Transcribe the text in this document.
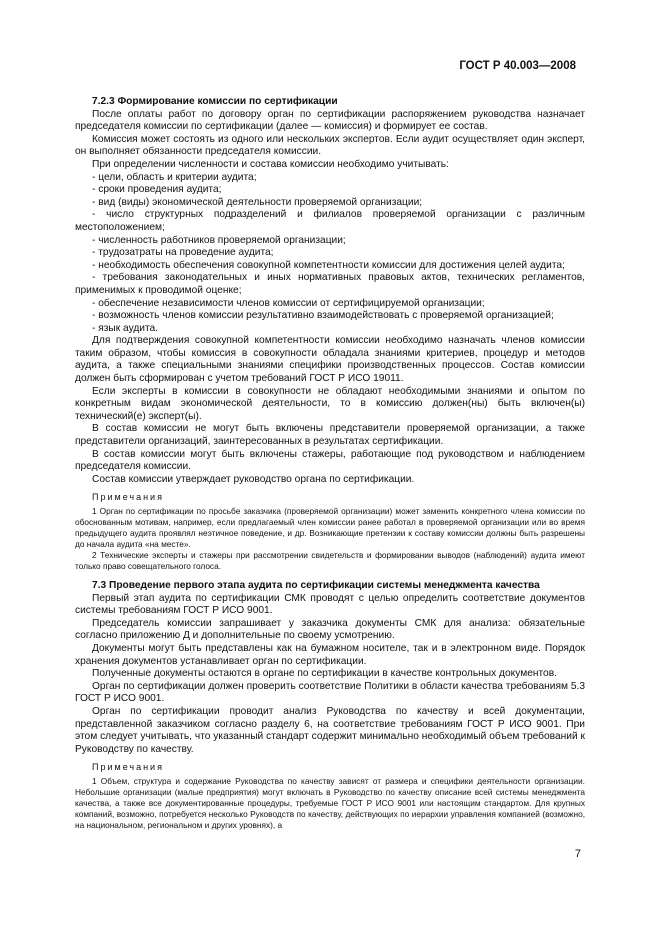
ГОСТ Р 40.003—2008

7.2.3 Формирование комиссии по сертификации

После оплаты работ по договору орган по сертификации распоряжением руководства назначает председателя комиссии по сертификации (далее — комиссия) и формирует ее состав.

Комиссия может состоять из одного или нескольких экспертов. Если аудит осуществляет один эксперт, он выполняет обязанности председателя комиссии.

При определении численности и состава комиссии необходимо учитывать:

- цели, область и критерии аудита;

- сроки проведения аудита;

- вид (виды) экономической деятельности проверяемой организации;

- число структурных подразделений и филиалов проверяемой организации с различным местоположением;

- численность работников проверяемой организации;

- трудозатраты на проведение аудита;

- необходимость обеспечения совокупной компетентности комиссии для достижения целей аудита;

- требования законодательных и иных нормативных правовых актов, технических регламентов, применимых к проводимой оценке;

- обеспечение независимости членов комиссии от сертифицируемой организации;

- возможность членов комиссии результативно взаимодействовать с проверяемой организацией;

- язык аудита.

Для подтверждения совокупной компетентности комиссии необходимо назначать членов комиссии таким образом, чтобы комиссия в совокупности обладала знаниями критериев, процедур и методов аудита, а также специальными знаниями специфики производственных процессов. Состав комиссии должен быть сформирован с учетом требований ГОСТ Р ИСО 19011.

Если эксперты в комиссии в совокупности не обладают необходимыми знаниями и опытом по конкретным видам экономической деятельности, то в комиссию должен(ны) быть включен(ы) технический(е) эксперт(ы).

В состав комиссии не могут быть включены представители проверяемой организации, а также представители организаций, заинтересованных в результатах сертификации.

В состав комиссии могут быть включены стажеры, работающие под руководством и наблюдением председателя комиссии.

Состав комиссии утверждает руководство органа по сертификации.

Примечания

1 Орган по сертификации по просьбе заказчика (проверяемой организации) может заменить конкретного члена комиссии по обоснованным мотивам, например, если предлагаемый член комиссии ранее работал в проверяемой организации или во время предыдущего аудита проявлял неэтичное поведение, и др. Возникающие претензии к составу комиссии должны быть разрешены до начала аудита «на месте».

2 Технические эксперты и стажеры при рассмотрении свидетельств и формировании выводов (наблюдений) аудита имеют только право совещательного голоса.

7.3 Проведение первого этапа аудита по сертификации системы менеджмента качества

Первый этап аудита по сертификации СМК проводят с целью определить соответствие документов системы требованиям ГОСТ Р ИСО 9001.

Председатель комиссии запрашивает у заказчика документы СМК для анализа: обязательные согласно приложению Д и дополнительные по своему усмотрению.

Документы могут быть представлены как на бумажном носителе, так и в электронном виде. Порядок хранения документов устанавливает орган по сертификации.

Полученные документы остаются в органе по сертификации в качестве контрольных документов.

Орган по сертификации должен проверить соответствие Политики в области качества требованиям 5.3 ГОСТ Р ИСО 9001.

Орган по сертификации проводит анализ Руководства по качеству и всей документации, представленной заказчиком согласно разделу 6, на соответствие требованиям ГОСТ Р ИСО 9001. При этом следует учитывать, что указанный стандарт содержит минимально необходимый объем требований к Руководству по качеству.

Примечания

1 Объем, структура и содержание Руководства по качеству зависят от размера и специфики деятельности организации. Небольшие организации (малые предприятия) могут включать в Руководство по качеству описание всей системы менеджмента качества, а также все документированные процедуры, требуемые ГОСТ Р ИСО 9001 или настоящим стандартом. Для крупных компаний, возможно, потребуется несколько Руководств по качеству, действующих по иерархии управления компанией (возможно, на национальном, региональном и других уровнях), а

7
